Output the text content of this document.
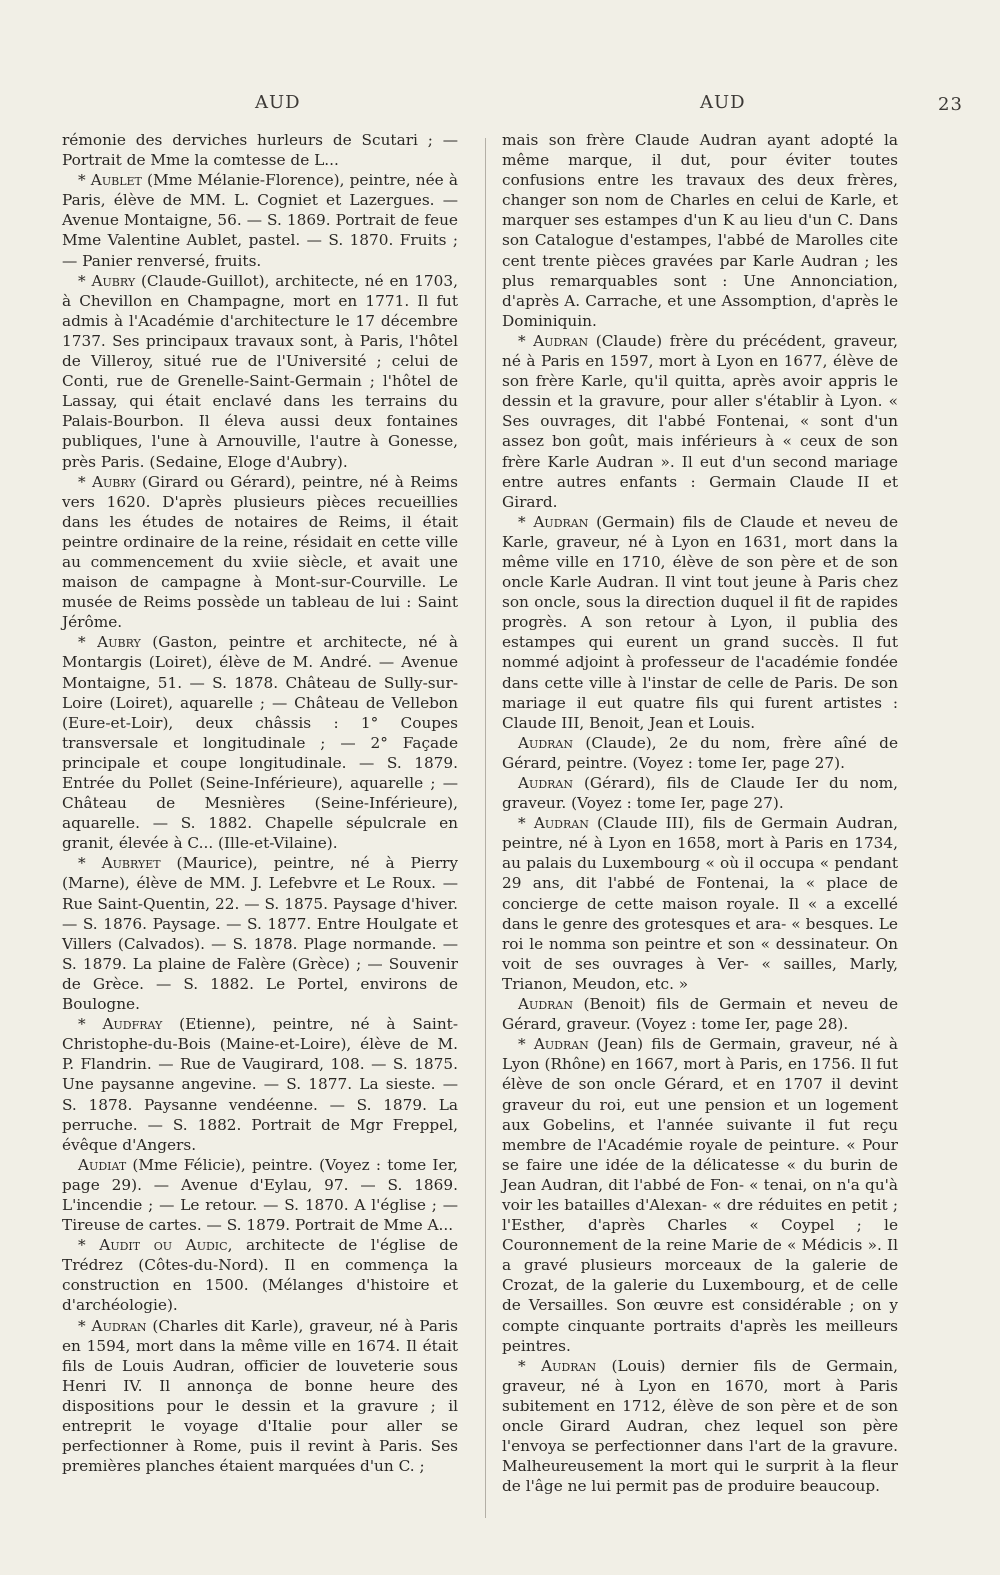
AUD	AUD	23

rémonie des derviches hurleurs de Scutari ; — Portrait de Mme la comtesse de L...

* Aublet (Mme Mélanie-Florence), peintre, née à Paris, élève de MM. L. Cogniet et Lazergues. — Avenue Montaigne, 56. — S. 1869. Portrait de feue Mme Valentine Aublet, pastel. — S. 1870. Fruits ; — Panier renversé, fruits.

* Aubry (Claude-Guillot), architecte, né en 1703, à Chevillon en Champagne, mort en 1771. Il fut admis à l'Académie d'architecture le 17 décembre 1737. Ses principaux travaux sont, à Paris, l'hôtel de Villeroy, situé rue de l'Université ; celui de Conti, rue de Grenelle-Saint-Germain ; l'hôtel de Lassay, qui était enclavé dans les terrains du Palais-Bourbon. Il éleva aussi deux fontaines publiques, l'une à Arnouville, l'autre à Gonesse, près Paris. (Sedaine, Eloge d'Aubry).

* Aubry (Girard ou Gérard), peintre, né à Reims vers 1620. D'après plusieurs pièces recueillies dans les études de notaires de Reims, il était peintre ordinaire de la reine, résidait en cette ville au commencement du xviie siècle, et avait une maison de campagne à Mont-sur-Courville. Le musée de Reims possède un tableau de lui : Saint Jérôme.

* Aubry (Gaston, peintre et architecte, né à Montargis (Loiret), élève de M. André. — Avenue Montaigne, 51. — S. 1878. Château de Sully-sur-Loire (Loiret), aquarelle ; — Château de Vellebon (Eure-et-Loir), deux châssis : 1° Coupes transversale et longitudinale ; — 2° Façade principale et coupe longitudinale. — S. 1879. Entrée du Pollet (Seine-Inférieure), aquarelle ; — Château de Mesnières (Seine-Inférieure), aquarelle. — S. 1882. Chapelle sépulcrale en granit, élevée à C... (Ille-et-Vilaine).

* Aubryet (Maurice), peintre, né à Pierry (Marne), élève de MM. J. Lefebvre et Le Roux. — Rue Saint-Quentin, 22. — S. 1875. Paysage d'hiver. — S. 1876. Paysage. — S. 1877. Entre Houlgate et Villers (Calvados). — S. 1878. Plage normande. — S. 1879. La plaine de Falère (Grèce) ; — Souvenir de Grèce. — S. 1882. Le Portel, environs de Boulogne.

* Audfray (Etienne), peintre, né à Saint-Christophe-du-Bois (Maine-et-Loire), élève de M. P. Flandrin. — Rue de Vaugirard, 108. — S. 1875. Une paysanne angevine. — S. 1877. La sieste. — S. 1878. Paysanne vendéenne. — S. 1879. La perruche. — S. 1882. Portrait de Mgr Freppel, évêque d'Angers.

Audiat (Mme Félicie), peintre. (Voyez : tome Ier, page 29). — Avenue d'Eylau, 97. — S. 1869. L'incendie ; — Le retour. — S. 1870. A l'église ; — Tireuse de cartes. — S. 1879. Portrait de Mme A...

* Audit ou Audic, architecte de l'église de Trédrez (Côtes-du-Nord). Il en commença la construction en 1500. (Mélanges d'histoire et d'archéologie).

* Audran (Charles dit Karle), graveur, né à Paris en 1594, mort dans la même ville en 1674. Il était fils de Louis Audran, officier de louveterie sous Henri IV. Il annonça de bonne heure des dispositions pour le dessin et la gravure ; il entreprit le voyage d'Italie pour aller se perfectionner à Rome, puis il revint à Paris. Ses premières planches étaient marquées d'un C. ;

mais son frère Claude Audran ayant adopté la même marque, il dut, pour éviter toutes confusions entre les travaux des deux frères, changer son nom de Charles en celui de Karle, et marquer ses estampes d'un K au lieu d'un C. Dans son Catalogue d'estampes, l'abbé de Marolles cite cent trente pièces gravées par Karle Audran ; les plus remarquables sont : Une Annonciation, d'après A. Carrache, et une Assomption, d'après le Dominiquin.

* Audran (Claude) frère du précédent, graveur, né à Paris en 1597, mort à Lyon en 1677, élève de son frère Karle, qu'il quitta, après avoir appris le dessin et la gravure, pour aller s'établir à Lyon. « Ses ouvrages, dit l'abbé Fontenai, « sont d'un assez bon goût, mais inférieurs à « ceux de son frère Karle Audran ». Il eut d'un second mariage entre autres enfants : Germain Claude II et Girard.

* Audran (Germain) fils de Claude et neveu de Karle, graveur, né à Lyon en 1631, mort dans la même ville en 1710, élève de son père et de son oncle Karle Audran. Il vint tout jeune à Paris chez son oncle, sous la direction duquel il fit de rapides progrès. A son retour à Lyon, il publia des estampes qui eurent un grand succès. Il fut nommé adjoint à professeur de l'académie fondée dans cette ville à l'instar de celle de Paris. De son mariage il eut quatre fils qui furent artistes : Claude III, Benoit, Jean et Louis.

Audran (Claude), 2e du nom, frère aîné de Gérard, peintre. (Voyez : tome Ier, page 27).

Audran (Gérard), fils de Claude Ier du nom, graveur. (Voyez : tome Ier, page 27).

* Audran (Claude III), fils de Germain Audran, peintre, né à Lyon en 1658, mort à Paris en 1734, au palais du Luxembourg « où il occupa « pendant 29 ans, dit l'abbé de Fontenai, la « place de concierge de cette maison royale. Il « a excellé dans le genre des grotesques et ara- « besques. Le roi le nomma son peintre et son « dessinateur. On voit de ses ouvrages à Ver- « sailles, Marly, Trianon, Meudon, etc. »

Audran (Benoit) fils de Germain et neveu de Gérard, graveur. (Voyez : tome Ier, page 28).

* Audran (Jean) fils de Germain, graveur, né à Lyon (Rhône) en 1667, mort à Paris, en 1756. Il fut élève de son oncle Gérard, et en 1707 il devint graveur du roi, eut une pension et un logement aux Gobelins, et l'année suivante il fut reçu membre de l'Académie royale de peinture. « Pour se faire une idée de la délicatesse « du burin de Jean Audran, dit l'abbé de Fon- « tenai, on n'a qu'à voir les batailles d'Alexan- « dre réduites en petit ; l'Esther, d'après Charles « Coypel ; le Couronnement de la reine Marie de « Médicis ». Il a gravé plusieurs morceaux de la galerie de Crozat, de la galerie du Luxembourg, et de celle de Versailles. Son œuvre est considérable ; on y compte cinquante portraits d'après les meilleurs peintres.

* Audran (Louis) dernier fils de Germain, graveur, né à Lyon en 1670, mort à Paris subitement en 1712, élève de son père et de son oncle Girard Audran, chez lequel son père l'envoya se perfectionner dans l'art de la gravure. Malheureusement la mort qui le surprit à la fleur de l'âge ne lui permit pas de produire beaucoup.
